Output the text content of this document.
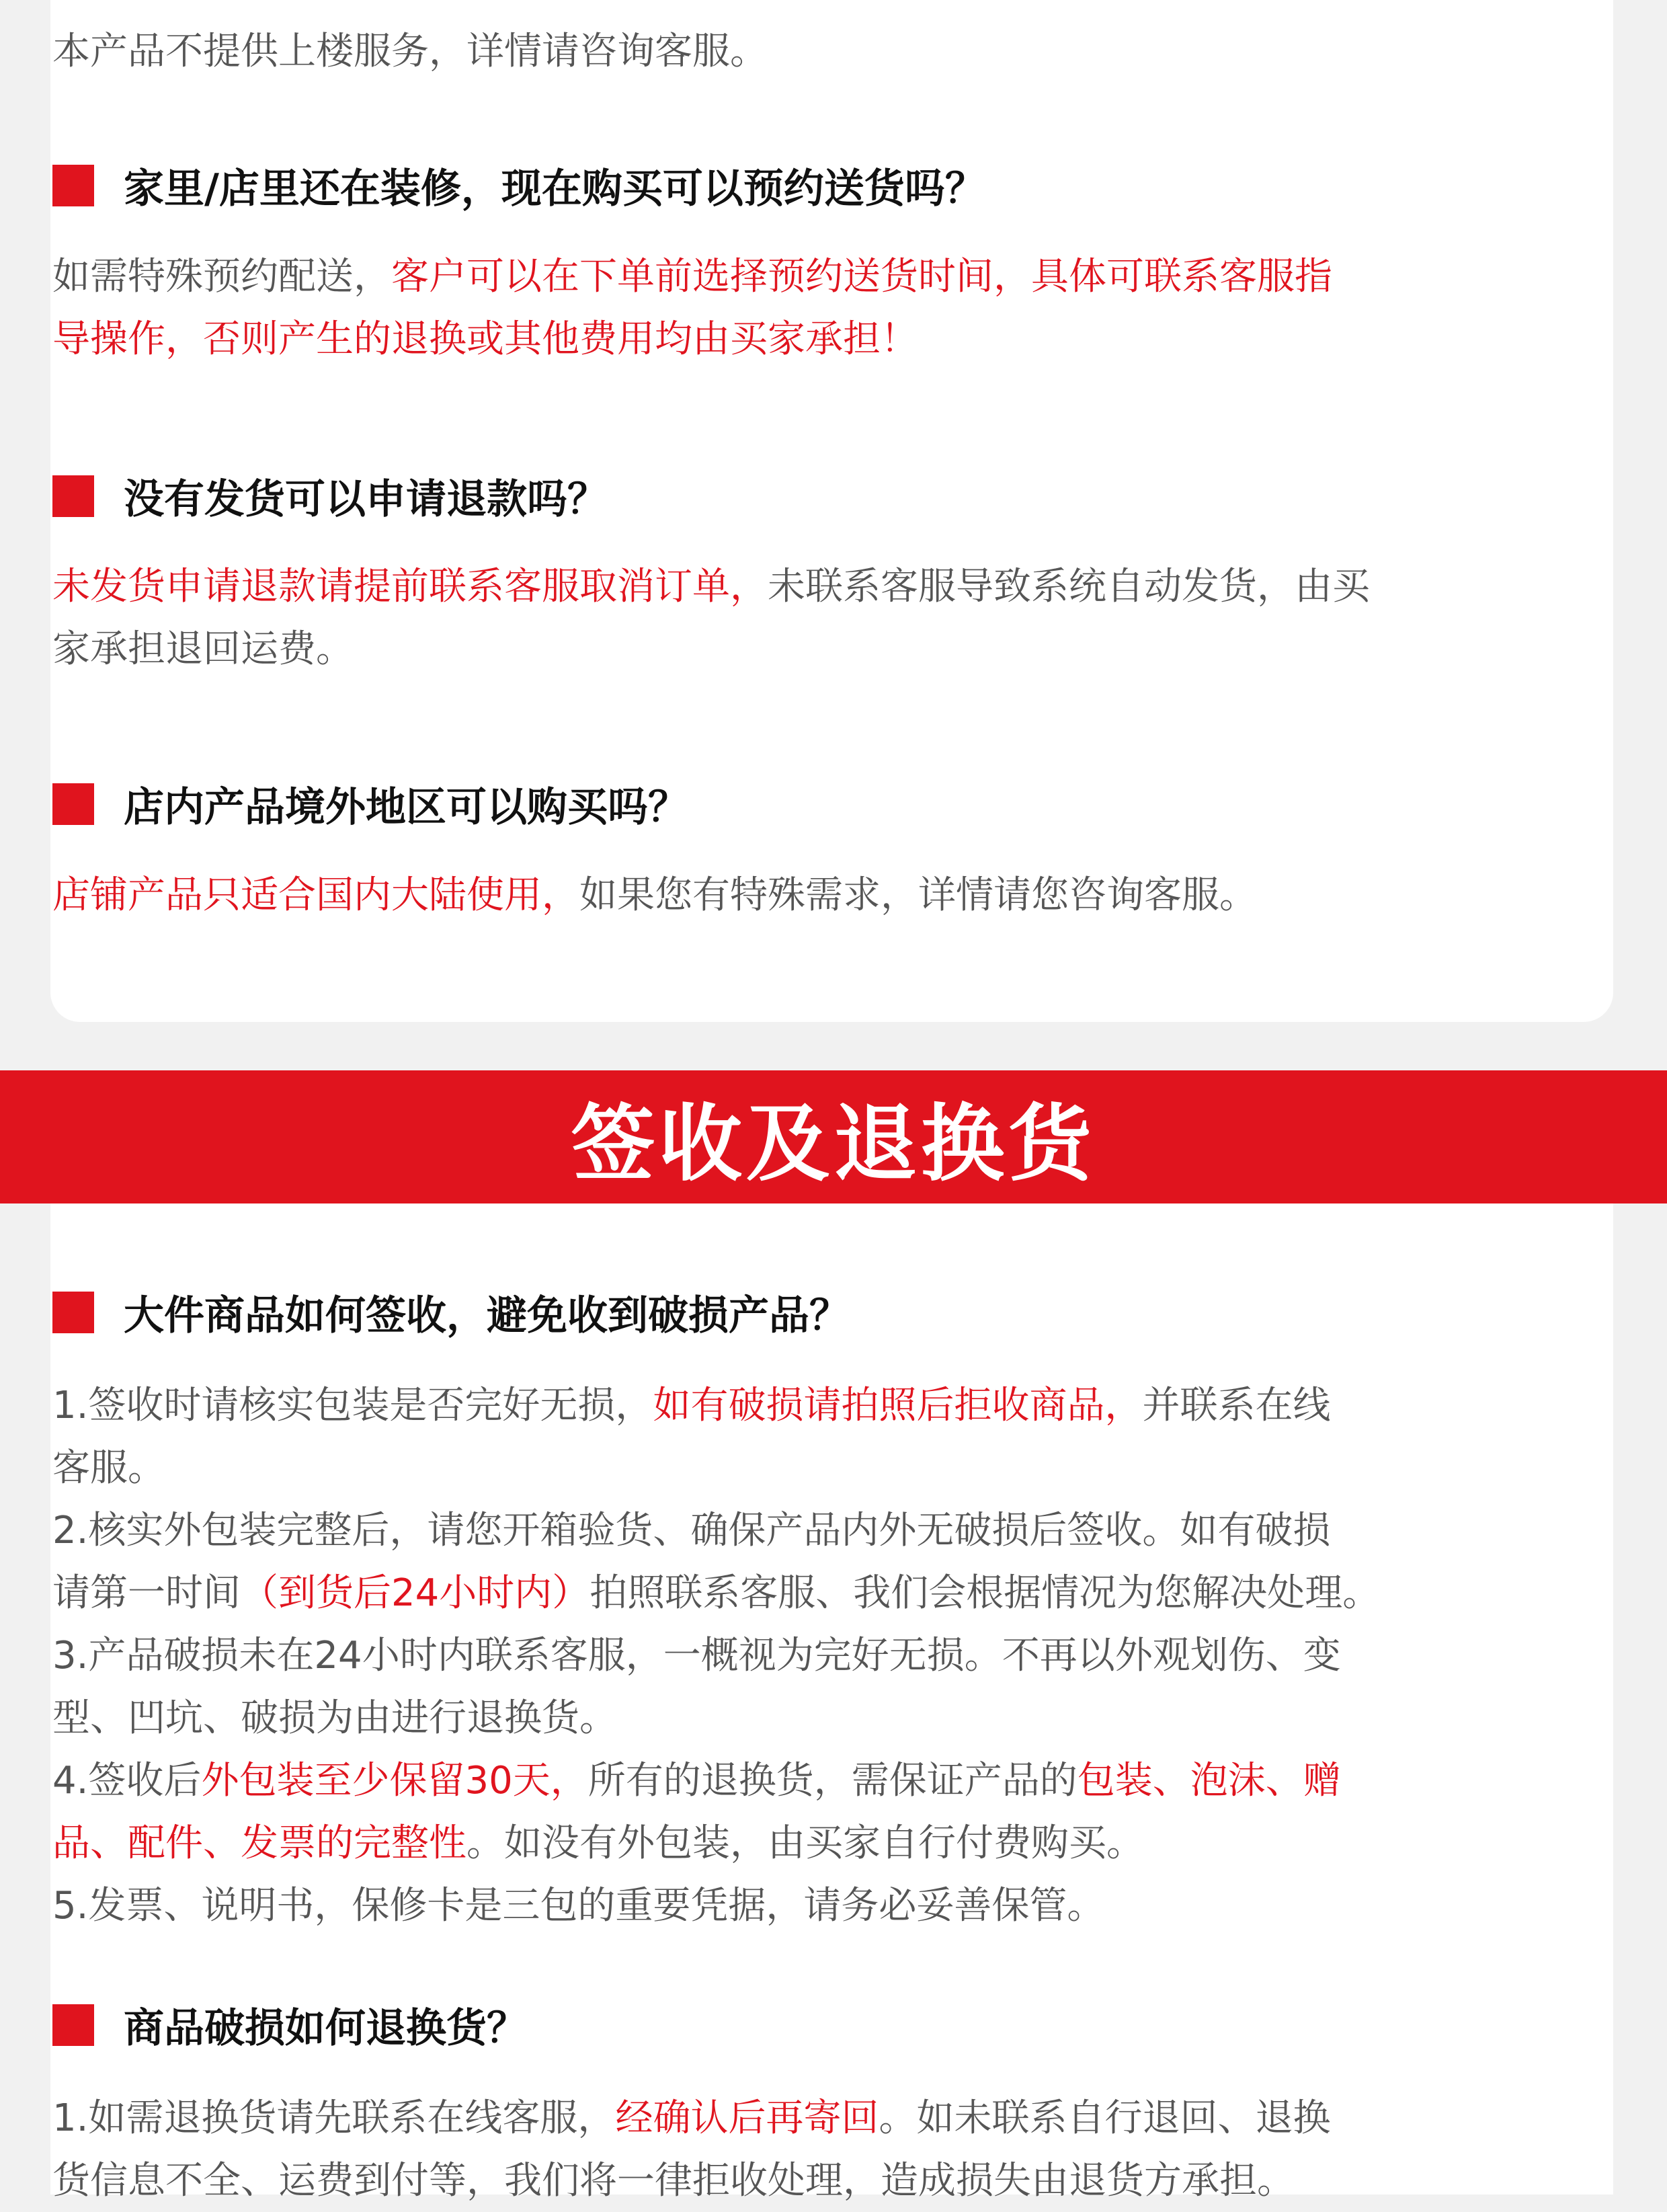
本产品不提供上楼服务，详情请咨询客服。
家里/店里还在装修，现在购买可以预约送货吗？
如需特殊预约配送，客户可以在下单前选择预约送货时间，具体可联系客服指
导操作，否则产生的退换或其他费用均由买家承担！
没有发货可以申请退款吗？
未发货申请退款请提前联系客服取消订单，未联系客服导致系统自动发货，由买
家承担退回运费。
店内产品境外地区可以购买吗？
店铺产品只适合国内大陆使用，如果您有特殊需求，详情请您咨询客服。
签收及退换货
大件商品如何签收，避免收到破损产品？
1.签收时请核实包装是否完好无损，如有破损请拍照后拒收商品，并联系在线
客服。
2.核实外包装完整后，请您开箱验货、确保产品内外无破损后签收。如有破损
请第一时间（到货后24小时内）拍照联系客服、我们会根据情况为您解决处理。
3.产品破损未在24小时内联系客服，一概视为完好无损。不再以外观划伤、变
型、凹坑、破损为由进行退换货。
4.签收后外包装至少保留30天，所有的退换货，需保证产品的包装、泡沫、赠
品、配件、发票的完整性。如没有外包装，由买家自行付费购买。
5.发票、说明书，保修卡是三包的重要凭据，请务必妥善保管。
商品破损如何退换货？
1.如需退换货请先联系在线客服，经确认后再寄回。如未联系自行退回、退换
货信息不全、运费到付等，我们将一律拒收处理，造成损失由退货方承担。
